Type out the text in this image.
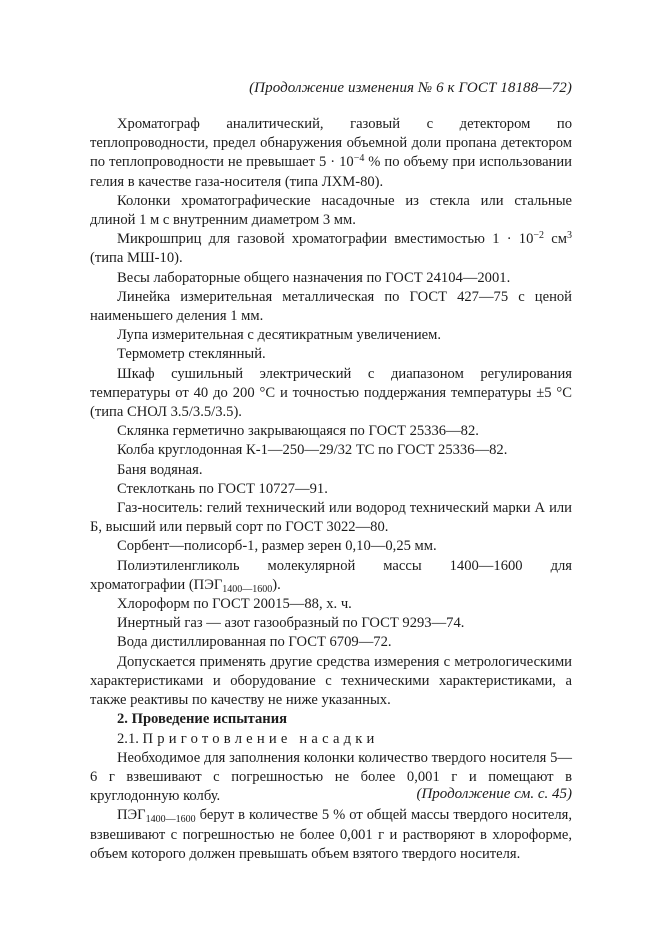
(Продолжение изменения № 6 к ГОСТ 18188—72)

Хроматограф аналитический, газовый с детектором по теплопроводности, предел обнаружения объемной доли пропана детектором по теплопроводности не превышает $5 \cdot 10^{-4}$ % по объему при использовании гелия в качестве газа-носителя (типа ЛХМ-80).

Колонки хроматографические насадочные из стекла или стальные длиной 1 м с внутренним диаметром 3 мм.

Микрошприц для газовой хроматографии вместимостью $1 \cdot 10^{-2}$ $см^3$ (типа МШ-10).

Весы лабораторные общего назначения по ГОСТ 24104—2001.

Линейка измерительная металлическая по ГОСТ 427—75 с ценой наименьшего деления 1 мм.

Лупа измерительная с десятикратным увеличением.

Термометр стеклянный.

Шкаф сушильный электрический с диапазоном регулирования температуры от 40 до 200 °С и точностью поддержания температуры ±5 °С (типа СНОЛ 3.5/3.5/3.5).

Склянка герметично закрывающаяся по ГОСТ 25336—82.

Колба круглодонная К-1—250—29/32 ТС по ГОСТ 25336—82.

Баня водяная.

Стеклоткань по ГОСТ 10727—91.

Газ-носитель: гелий технический или водород технический марки А или Б, высший или первый сорт по ГОСТ 3022—80.

Сорбент—полисорб-1, размер зерен 0,10—0,25 мм.

Полиэтиленгликоль молекулярной массы 1400—1600 для хроматографии $(ПЭГ_{1400—1600})$.

Хлороформ по ГОСТ 20015—88, х. ч.

Инертный газ — азот газообразный по ГОСТ 9293—74.

Вода дистиллированная по ГОСТ 6709—72.

Допускается применять другие средства измерения с метрологическими характеристиками и оборудование с техническими характеристиками, а также реактивы по качеству не ниже указанных.

2. Проведение испытания

2.1. Приготовление насадки

Необходимое для заполнения колонки количество твердого носителя 5—6 г взвешивают с погрешностью не более 0,001 г и помещают в круглодонную колбу.

$ПЭГ_{1400—1600}$ берут в количестве 5 % от общей массы твердого носителя, взвешивают с погрешностью не более 0,001 г и растворяют в хлороформе, объем которого должен превышать объем взятого твердого носителя.

(Продолжение см. с. 45)
